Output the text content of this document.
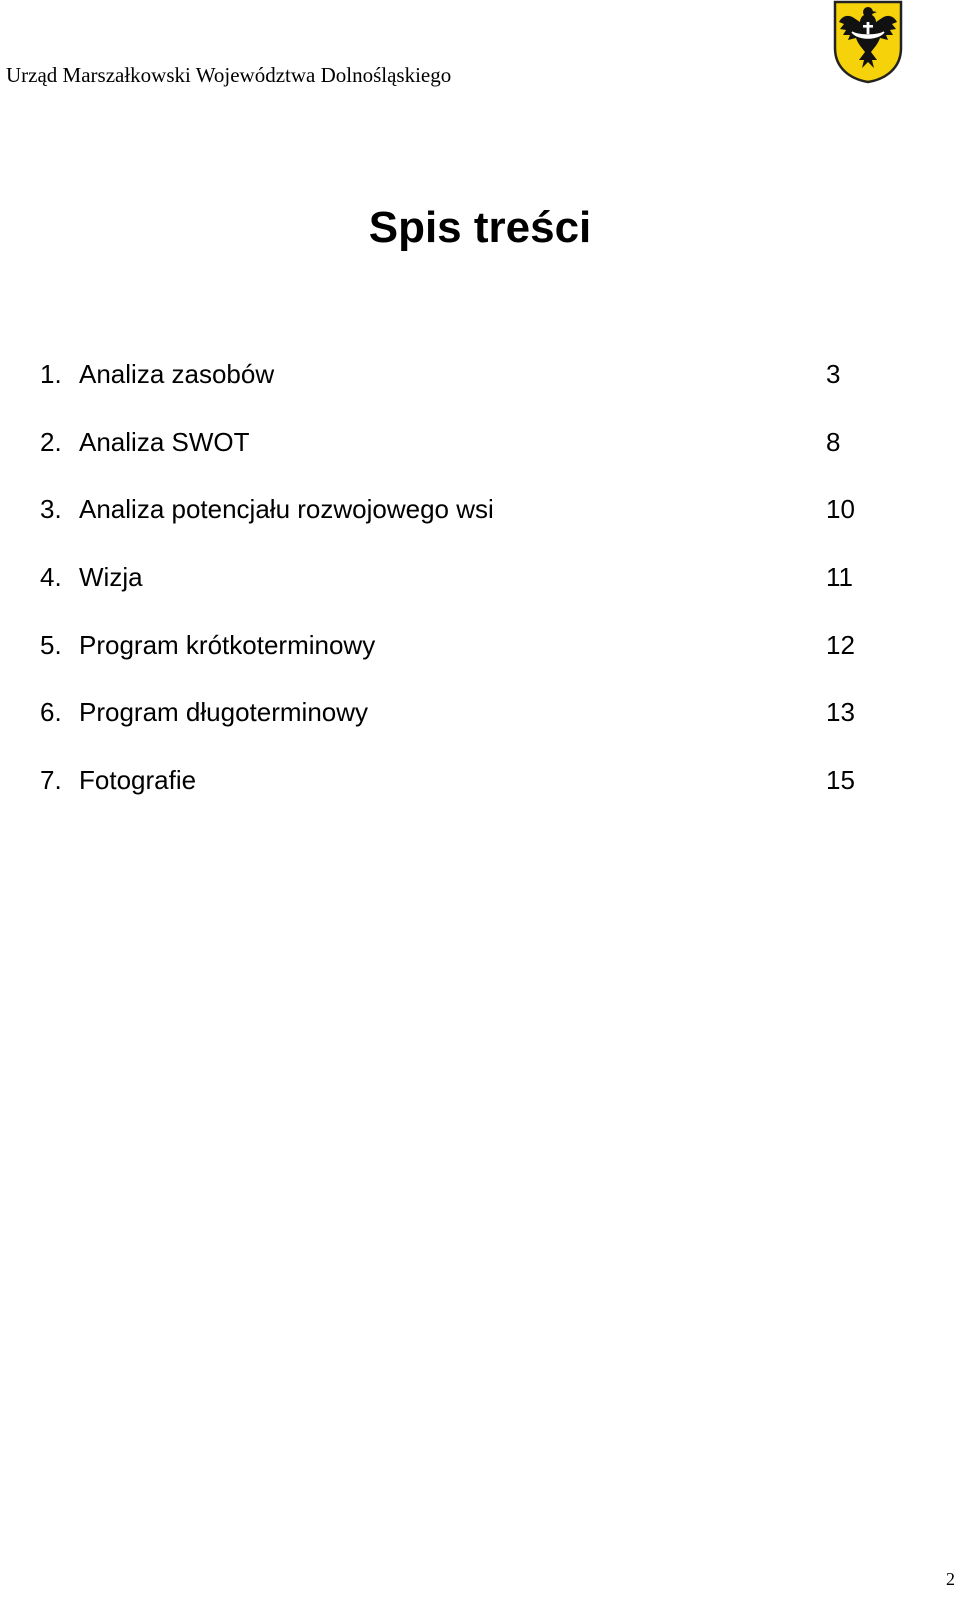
Urząd Marszałkowski Województwa Dolnośląskiego
Spis treści
1. Analiza zasobów	3
2. Analiza SWOT	8
3. Analiza potencjału rozwojowego wsi	10
4. Wizja	11
5. Program krótkoterminowy	12
6. Program długoterminowy	13
7. Fotografie	15
2
